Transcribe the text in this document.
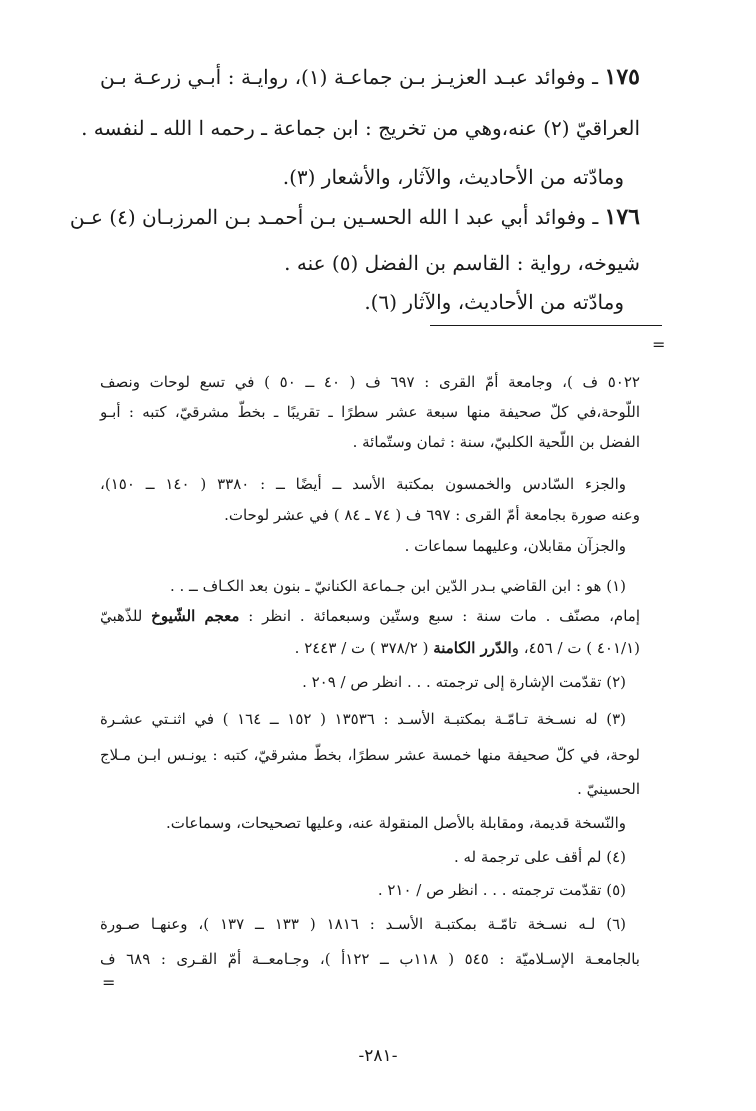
١٧٥ ـ وفوائد عبـد العزيـز بـن جماعـة (١)، روايـة : أبـي زرعـة بـن
العراقيّ (٢) عنه،وهي من تخريج : ابن جماعة ـ رحمه ا الله ـ لنفسه .
ومادّته من الأحاديث، والآثار، والأشعار (٣).
١٧٦ ـ وفوائد أبي عبد ا الله الحسـين بـن أحمـد بـن المرزبـان (٤) عـن
شيوخه، رواية : القاسم بن الفضل (٥) عنه .
ومادّته من الأحاديث، والآثار (٦).
=
٥٠٢٢ ف )، وجامعة أمّ القرى : ٦٩٧ ف ( ٤٠ ــ ٥٠ ) في تسع لوحات ونصف
اللّوحة،في كلّ صحيفة منها سبعة عشر سطرًا ـ تقريبًا ـ بخطّ مشرقيّ، كتبه : أبـو
الفضل بن اللّحية الكلبيّ، سنة : ثمان وستّمائة .
والجزء السّادس والخمسون بمكتبة الأسد ــ أيضًا ــ : ٣٣٨٠ ( ١٤٠ ــ ١٥٠)،
وعنه صورة بجامعة أمّ القرى : ٦٩٧ ف ( ٧٤ ـ ٨٤ ) في عشر لوحات.
والجزآن مقابلان، وعليهما سماعات .
(١) هو : ابن القاضي بـدر الدّين ابن جـماعة الكنانيّ ـ بنون بعد الكـاف ــ . .
إمام، مصنّف . مات سنة : سبع وستّين وسبعمائة . انظر : معجم الشّيوخ للذّهبيّ
(٤٠١/١ ) ت / ٤٥٦، والدّرر الكامنة ( ٣٧٨/٢ ) ت / ٢٤٤٣ .
(٢) تقدّمت الإشارة إلى ترجمته . . . انظر ص / ٢٠٩ .
(٣) له نسـخة تـامّـة بمكتبـة الأسـد : ١٣٥٣٦ ( ١٥٢ ــ ١٦٤ ) في اثنـتي عشـرة
لوحة، في كلّ صحيفة منها خمسة عشر سطرًا، بخطّ مشرقيّ، كتبه : يونـس ابـن مـلاج
الحسينيّ .
والنّسخة قديمة، ومقابلة بالأصل المنقولة عنه، وعليها تصحيحات، وسماعات.
(٤) لم أقف على ترجمة له .
(٥) تقدّمت ترجمته . . . انظر ص / ٢١٠ .
(٦) لـه نسـخة تامّـة بمكتبـة الأسـد : ١٨١٦ ( ١٣٣ ــ ١٣٧ )، وعنهـا صـورة
بالجامعـة الإسـلاميّة : ٥٤٥ ( ١١٨ب ــ ١٢٢أ )، وجـامعــة أمّ القـرى : ٦٨٩ ف
=
-٢٨١-
